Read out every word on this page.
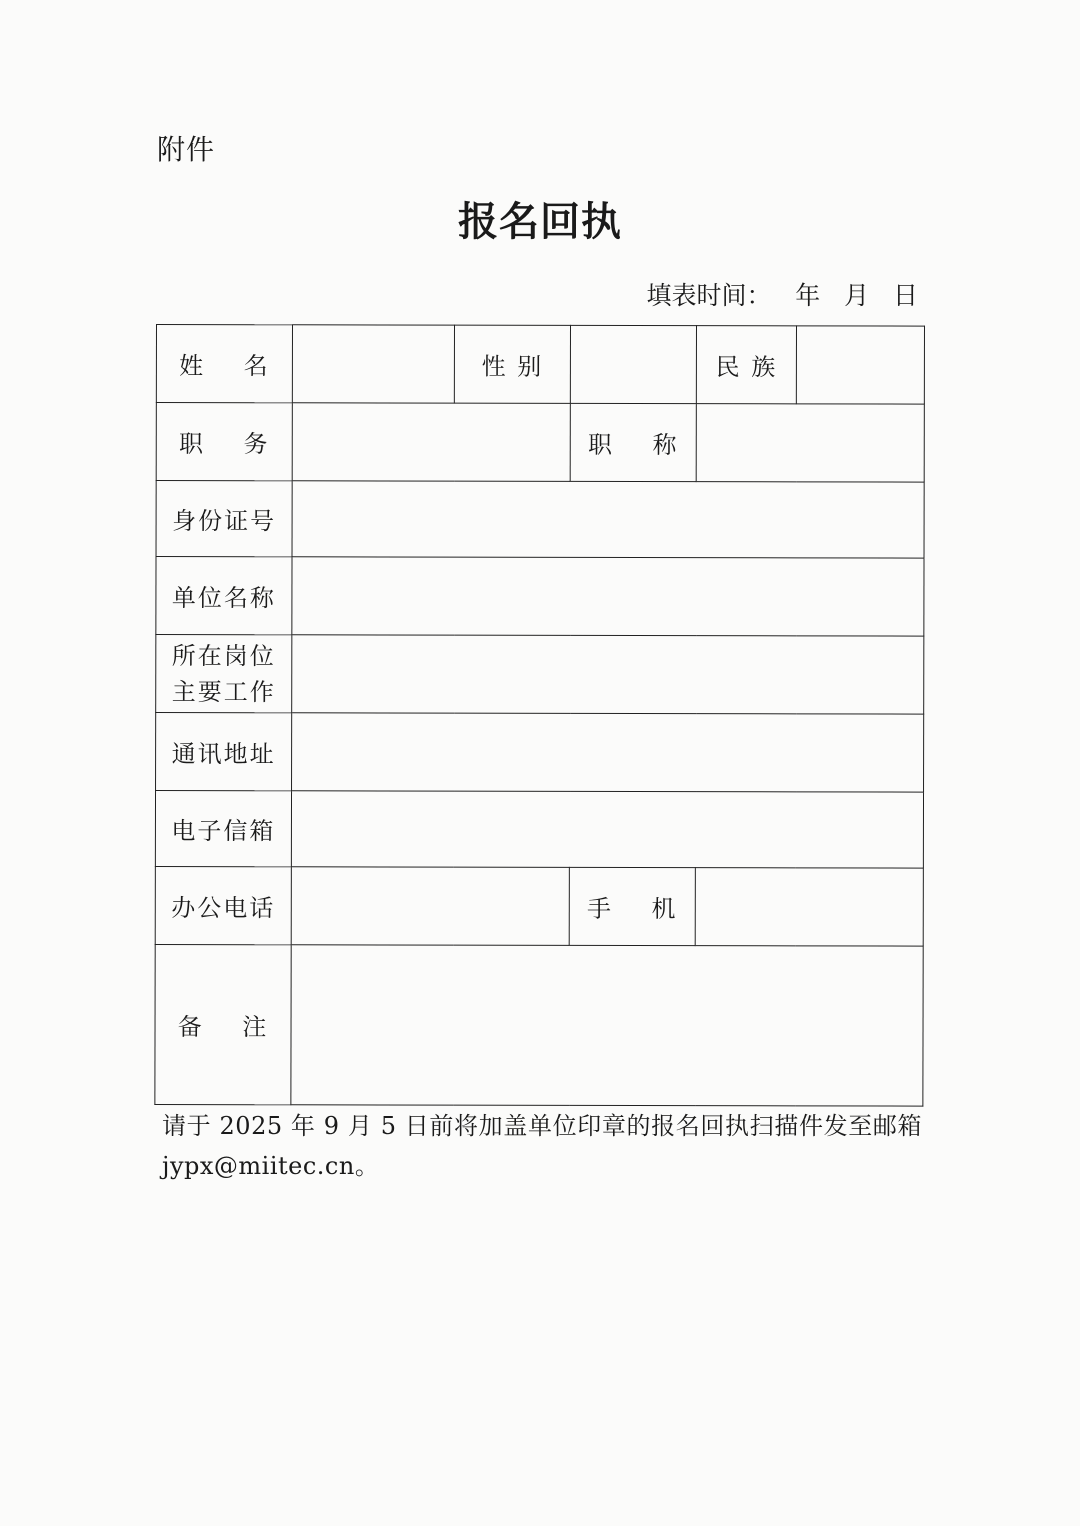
附件
报名回执
填表时间：   年   月   日
姓    名		性 别		民 族	
职    务			职    称		
身份证号					
单位名称					

所在岗位
主要工作					

通讯地址					
电子信箱					
办公电话			手    机		
备    注					
请于 2025 年 9 月 5 日前将加盖单位印章的报名回执扫描件发至邮箱 jypx@miitec.cn。
